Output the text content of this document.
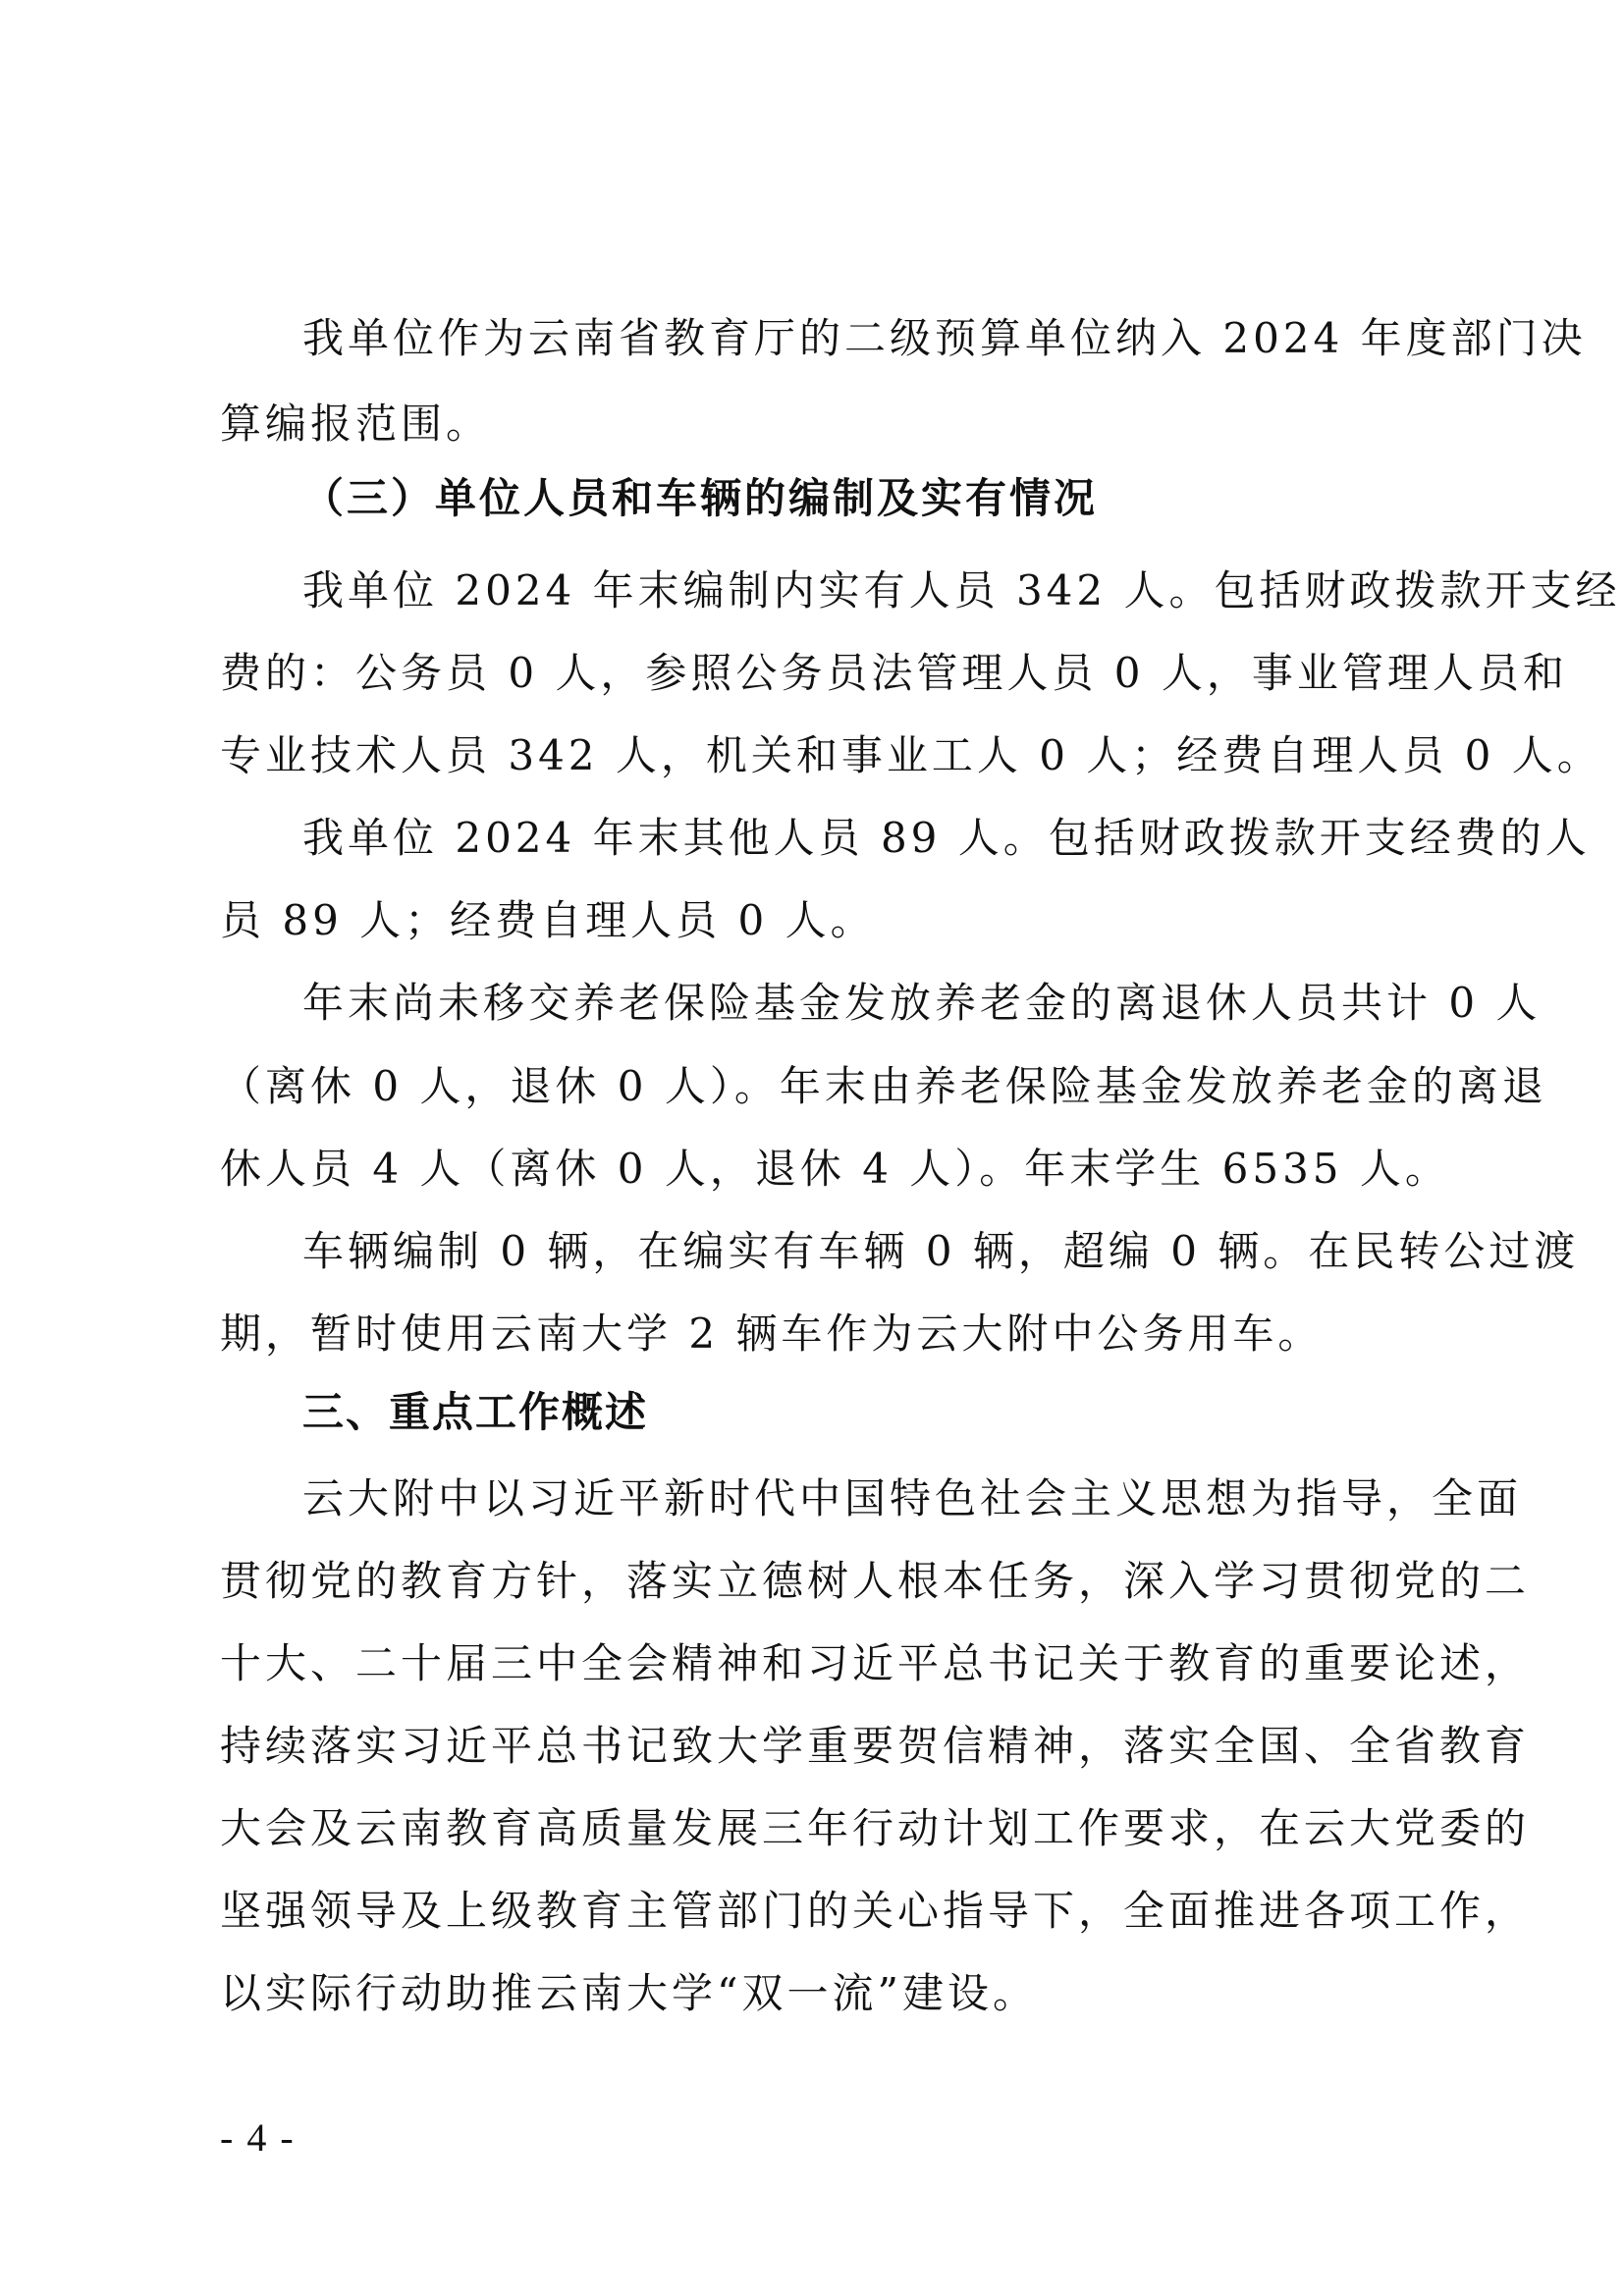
我单位作为云南省教育厅的二级预算单位纳入 2024 年度部门决
算编报范围。
（三）单位人员和车辆的编制及实有情况
我单位 2024 年末编制内实有人员 342 人。包括财政拨款开支经
费的：公务员 0 人，参照公务员法管理人员 0 人，事业管理人员和
专业技术人员 342 人，机关和事业工人 0 人；经费自理人员 0 人。
我单位 2024 年末其他人员 89 人。包括财政拨款开支经费的人
员 89 人；经费自理人员 0 人。
年末尚未移交养老保险基金发放养老金的离退休人员共计 0 人
（离休 0 人，退休 0 人）。年末由养老保险基金发放养老金的离退
休人员 4 人（离休 0 人，退休 4 人）。年末学生 6535 人。
车辆编制 0 辆，在编实有车辆 0 辆，超编 0 辆。在民转公过渡
期，暂时使用云南大学 2 辆车作为云大附中公务用车。
三、重点工作概述
云大附中以习近平新时代中国特色社会主义思想为指导，全面
贯彻党的教育方针，落实立德树人根本任务，深入学习贯彻党的二
十大、二十届三中全会精神和习近平总书记关于教育的重要论述，
持续落实习近平总书记致大学重要贺信精神，落实全国、全省教育
大会及云南教育高质量发展三年行动计划工作要求，在云大党委的
坚强领导及上级教育主管部门的关心指导下，全面推进各项工作，
以实际行动助推云南大学“双一流”建设。
- 4 -
